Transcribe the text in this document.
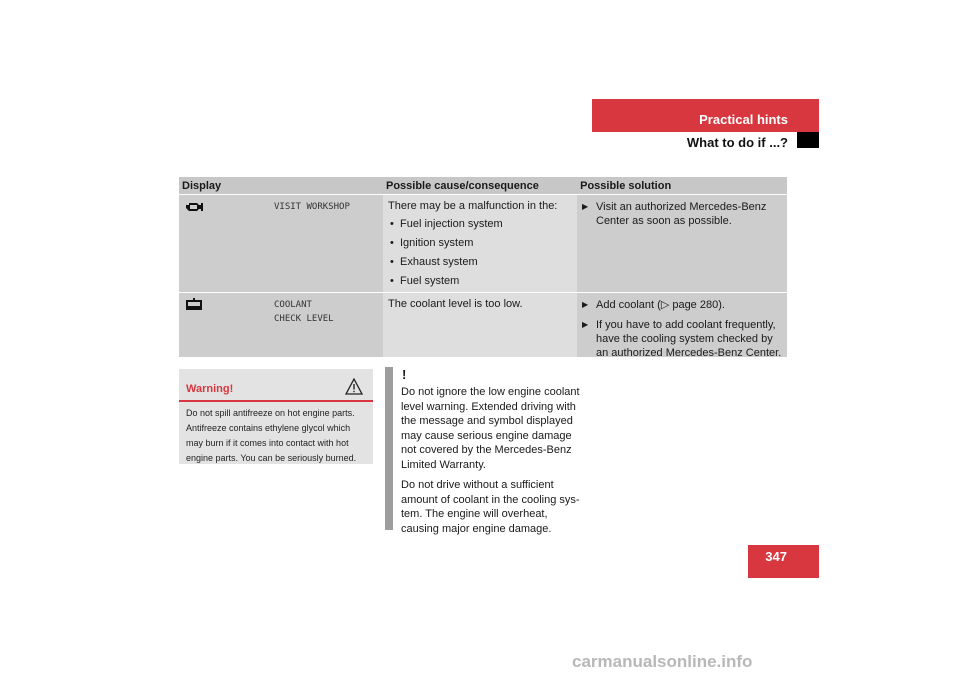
Practical hints
What to do if ...?
Display	Possible cause/consequence	Possible solution
VISIT WORKSHOP	There may be a malfunction in the:
• Fuel injection system
• Ignition system
• Exhaust system
• Fuel system
▶ Visit an authorized Mercedes-Benz Center as soon as possible.
COOLANT
CHECK LEVEL
The coolant level is too low.
▶	Add coolant (▷ page 280).
▶ If you have to add coolant frequently, have the cooling system checked by an authorized Mercedes-Benz Center.
Warning!
Do not spill antifreeze on hot engine parts. Antifreeze contains ethylene glycol which may burn if it comes into contact with hot engine parts. You can be seriously burned.
!

Do not ignore the low engine coolant level warning. Extended driving with the message and symbol displayed may cause serious engine damage not covered by the Mercedes-Benz Limited Warranty.

Do not drive without a sufficient amount of coolant in the cooling sys-tem. The engine will overheat, causing major engine damage.

347
carmanualsonline.info
